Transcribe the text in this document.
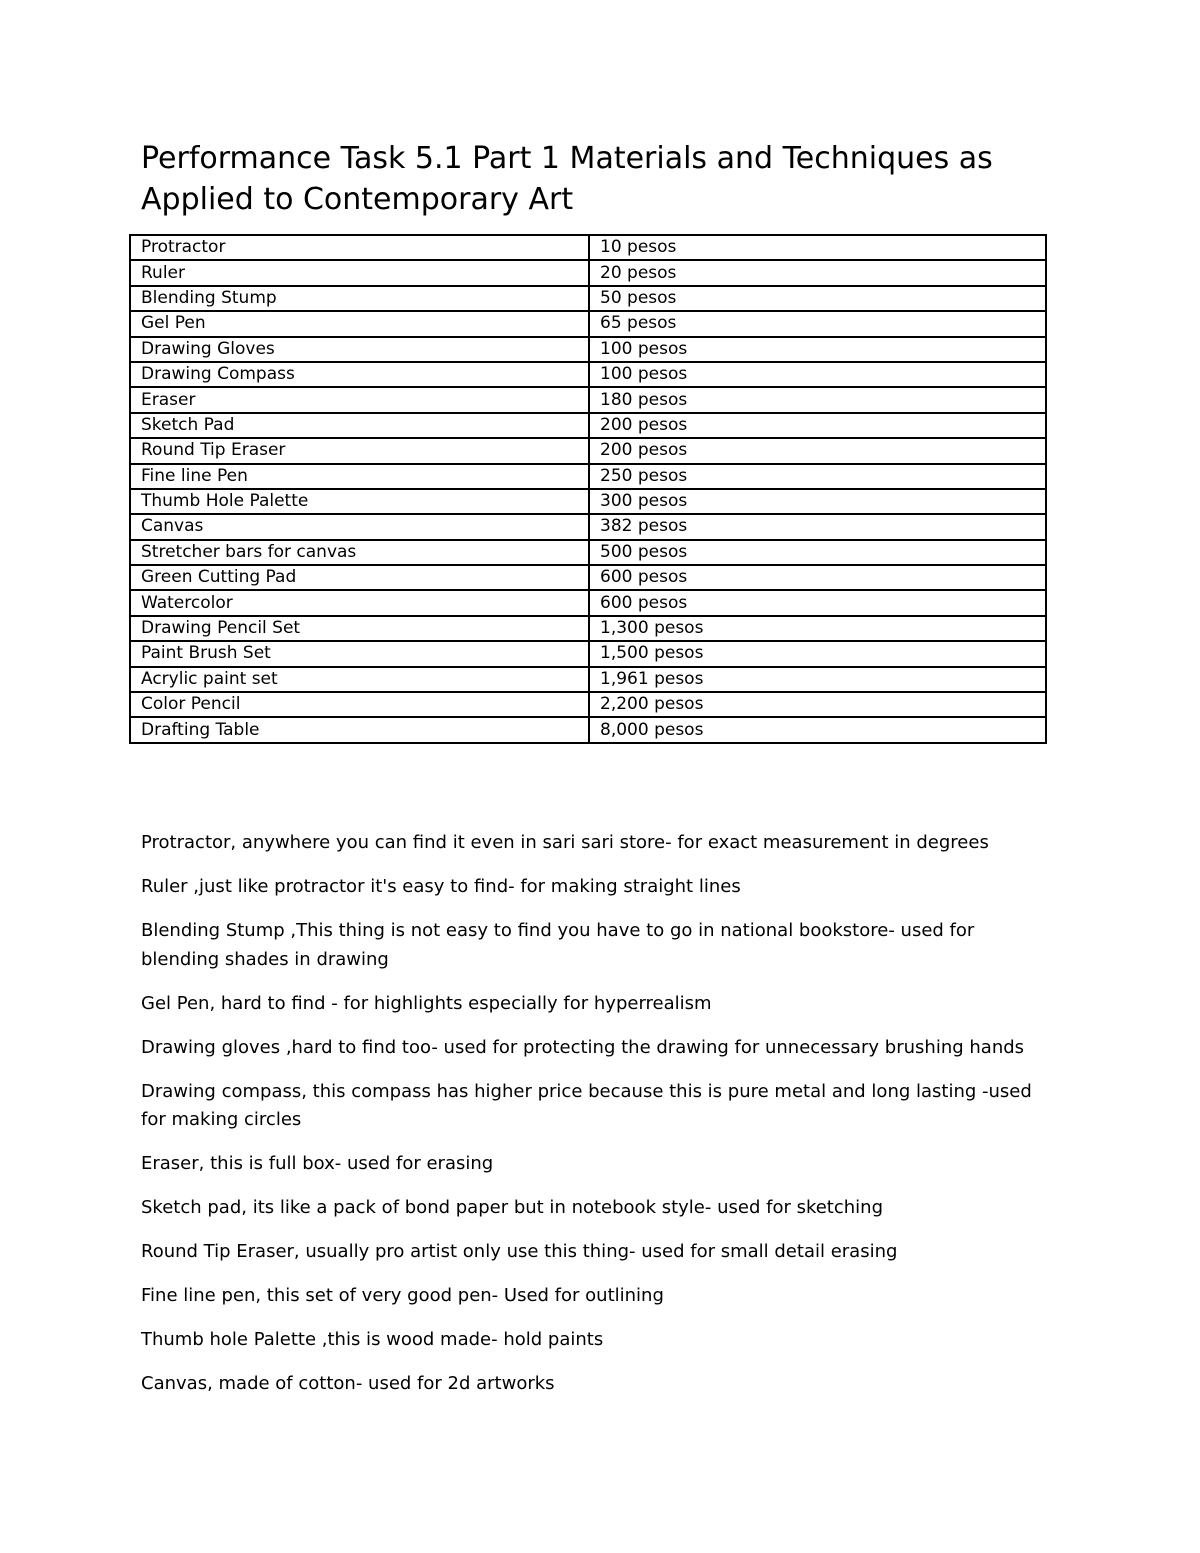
Performance Task 5.1 Part 1 Materials and Techniques as Applied to Contemporary Art
Protractor	10 pesos
Ruler	20 pesos
Blending Stump	50 pesos
Gel Pen	65 pesos
Drawing Gloves	100 pesos
Drawing Compass	100 pesos
Eraser	180 pesos
Sketch Pad	200 pesos
Round Tip Eraser	200 pesos
Fine line Pen	250 pesos
Thumb Hole Palette	300 pesos
Canvas	382 pesos
Stretcher bars for canvas	500 pesos
Green Cutting Pad	600 pesos
Watercolor	600 pesos
Drawing Pencil Set	1,300 pesos
Paint Brush Set	1,500 pesos
Acrylic paint set	1,961 pesos
Color Pencil	2,200 pesos
Drafting Table	8,000 pesos

Protractor, anywhere you can find it even in sari sari store- for exact measurement in degrees

Ruler ,just like protractor it's easy to find- for making straight lines

Blending Stump ,This thing is not easy to find you have to go in national bookstore- used for blending shades in drawing

Gel Pen, hard to find - for highlights especially for hyperrealism

Drawing gloves ,hard to find too- used for protecting the drawing for unnecessary brushing hands

Drawing compass, this compass has higher price because this is pure metal and long lasting -used for making circles

Eraser, this is full box- used for erasing

Sketch pad, its like a pack of bond paper but in notebook style- used for sketching

Round Tip Eraser, usually pro artist only use this thing- used for small detail erasing

Fine line pen, this set of very good pen- Used for outlining

Thumb hole Palette ,this is wood made- hold paints

Canvas, made of cotton- used for 2d artworks
